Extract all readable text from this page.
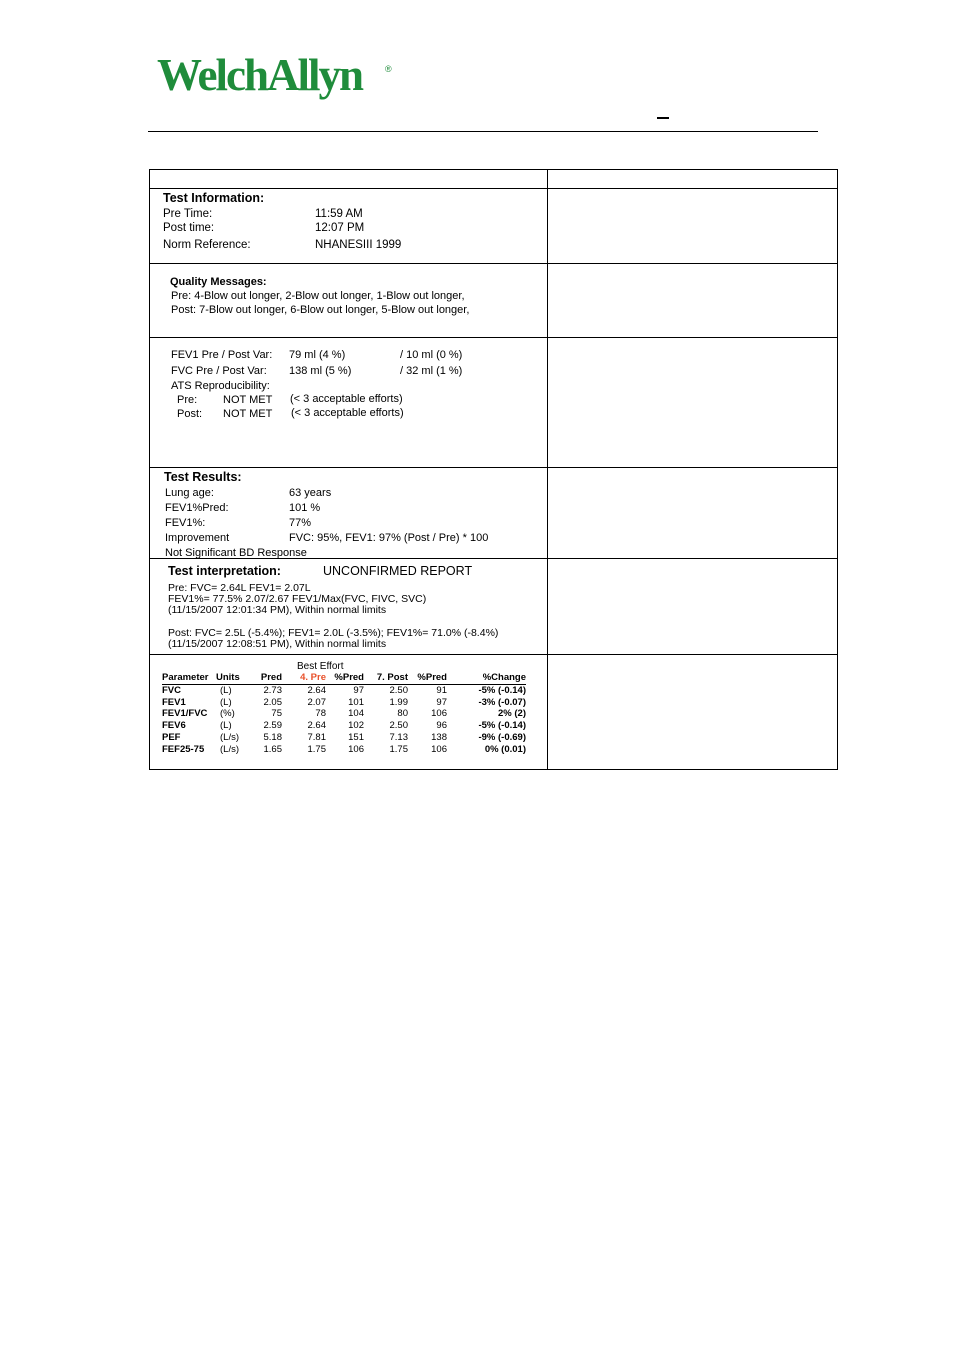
WelchAllyn	®
Test Information:
Pre Time:	11:59 AM
Post time:	12:07 PM
Norm Reference:	NHANESIII 1999
Quality Messages:
Pre: 4-Blow out longer, 2-Blow out longer, 1-Blow out longer,
Post: 7-Blow out longer, 6-Blow out longer, 5-Blow out longer,
FEV1 Pre / Post Var: 79 ml (4 %)	/ 10 ml (0 %)
FVC Pre / Post Var: 138 ml (5 %)	/ 32 ml (1 %)
ATS Reproducibility:
Pre: NOT MET (< 3 acceptable efforts)
Post: NOT MET (< 3 acceptable efforts)
Test Results:
Lung age:	63 years
FEV1%Pred:	101 %
FEV1%:	77%
Improvement	FVC: 95%, FEV1: 97% (Post / Pre) * 100
Not Significant BD Response
Test interpretation:	UNCONFIRMED REPORT
Pre: FVC= 2.64L FEV1= 2.07L
FEV1%= 77.5% 2.07/2.67 FEV1/Max(FVC, FIVC, SVC)
(11/15/2007 12:01:34 PM), Within normal limits
Post: FVC= 2.5L (-5.4%); FEV1= 2.0L (-3.5%); FEV1%= 71.0% (-8.4%)
(11/15/2007 12:08:51 PM), Within normal limits
Best Effort
Parameter	Units	Pred	4. Pre	%Pred	7. Post	%Pred	%Change
FVC	(L)	2.73	2.64	97	2.50	91	-5% (-0.14)
FEV1	(L)	2.05	2.07	101	1.99	97	-3% (-0.07)
FEV1/FVC	(%)	75	78	104	80	106	2% (2)
FEV6	(L)	2.59	2.64	102	2.50	96	-5% (-0.14)
PEF	(L/s)	5.18	7.81	151	7.13	138	-9% (-0.69)
FEF25-75	(L/s)	1.65	1.75	106	1.75	106	0% (0.01)
